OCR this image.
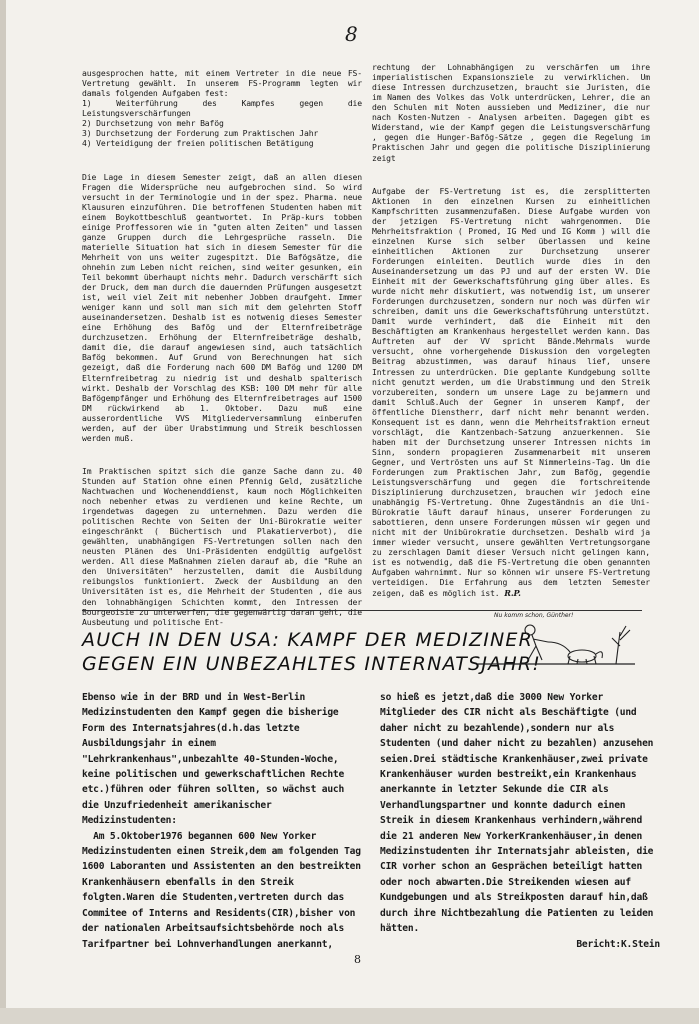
8

ausgesprochen hatte, mit einem Vertreter in die neue FS-Vertretung gewählt. In unserem FS-Programm legten wir damals folgenden Aufgaben fest:
1) Weiterführung des Kampfes gegen die Leistungsverschärfungen
2) Durchsetzung von mehr Bafög
3) Durchsetzung der Forderung zum Praktischen Jahr
4) Verteidigung der freien politischen Betätigung

Die Lage in diesem Semester zeigt, daß an allen diesen Fragen die Widersprüche neu aufgebrochen sind. So wird versucht in der Terminologie und in der spez. Pharma. neue Klausuren einzuführen. Die betroffenen Studenten haben mit einem Boykottbeschluß geantwortet. In Präp-kurs tobben einige Proffessoren wie in "guten alten Zeiten" und lassen ganze Gruppen durch die Lehrgesprüche rasseln. Die materielle Situation hat sich in diesem Semester für die Mehrheit von uns weiter zugespitzt. Die Bafögsätze, die ohnehin zum Leben nicht reichen, sind weiter gesunken, ein Teil bekommt überhaupt nichts mehr. Dadurch verschärft sich der Druck, dem man durch die dauernden Prüfungen ausgesetzt ist, weil viel Zeit mit nebenher Jobben draufgeht. Immer weniger kann und soll man sich mit dem gelehrten Stoff auseinandersetzen. Deshalb ist es notwenig dieses Semester eine Erhöhung des Bafög und der Elternfreibeträge durchzusetzen. Erhöhung der Elternfreibeträge deshalb, damit die, die darauf angewiesen sind, auch tatsächlich Bafög bekommen. Auf Grund von Berechnungen hat sich gezeigt, daß die Forderung nach 600 DM Bafög und 1200 DM Elternfreibetrag zu niedrig ist und deshalb spalterisch wirkt. Deshalb der Vorschlag des KSB: 100 DM mehr für alle Bafögempfänger und Erhöhung des Elternfreibetrages auf 1500 DM rückwirkend ab 1. Oktober. Dazu muß eine ausserordentliche VVS Mitgliederversammlung einberufen werden, auf der über Urabstimmung und Streik beschlossen werden muß.

Im Praktischen spitzt sich die ganze Sache dann zu. 40 Stunden auf Station ohne einen Pfennig Geld, zusätzliche Nachtwachen und Wochenenddienst, kaum noch Möglichkeiten noch nebenher etwas zu verdienen und keine Rechte, um irgendetwas dagegen zu unternehmen. Dazu werden die politischen Rechte von Seiten der Uni-Bürokratie weiter eingeschränkt ( Büchertisch und Plakatierverbot), die gewählten, unabhängigen FS-Vertretungen sollen nach den neusten Plänen des Uni-Präsidenten endgültig aufgelöst werden. All diese Maßnahmen zielen darauf ab, die "Ruhe an den Universitäten" herzustellen, damit die Ausbildung reibungslos funktioniert. Zweck der Ausbildung an den Universitäten ist es, die Mehrheit der Studenten , die aus den lohnabhängigen Schichten kommt, den Intressen der Bourgeoisie zu unterwerfen, die gegenwärtig daran geht, die Ausbeutung und politische Ent-

rechtung der Lohnabhängigen zu verschärfen um ihre imperialistischen Expansionsziele zu verwirklichen. Um diese Intressen durchzusetzen, braucht sie Juristen, die im Namen des Volkes das Volk unterdrücken, Lehrer, die an den Schulen mit Noten aussieben und Mediziner, die nur nach Kosten-Nutzen - Analysen arbeiten. Dagegen gibt es Widerstand, wie der Kampf gegen die Leistungsverschärfung , gegen die Hunger-Bafög-Sätze , gegen die Regelung im Praktischen Jahr und gegen die politische Disziplinierung zeigt

Aufgabe der FS-Vertretung ist es, die zersplitterten Aktionen in den einzelnen Kursen zu einheitlichen Kampfschritten zusammenzufaßen. Diese Aufgabe wurden von der jetzigen FS-Vertretung nicht wahrgenommen. Die Mehrheitsfraktion ( Promed, IG Med und IG Komm ) will die einzelnen Kurse sich selber überlassen und keine einheitlichen Aktionen zur Durchsetzung unserer Forderungen einleiten. Deutlich wurde dies in den Auseinandersetzung um das PJ und auf der ersten VV. Die Einheit mit der Gewerkschaftsführung ging über alles. Es wurde nicht mehr diskutiert, was notwendig ist, um unserer Forderungen durchzusetzen, sondern nur noch was dürfen wir schreiben, damit uns die Gewerkschaftsführung unterstützt. Damit wurde verhindert, daß die Einheit mit den Beschäftigten am Krankenhaus hergestellet werden kann. Das Auftreten auf der VV spricht Bände.Mehrmals wurde versucht, ohne vorhergehende Diskussion den vorgelegten Beitrag abzustimmen, was darauf hinaus lief, unsere Intressen zu unterdrücken. Die geplante Kundgebung sollte nicht genutzt werden, um die Urabstimmung und den Streik vorzubereiten, sondern um unsere Lage zu bejammern und damit Schluß.Auch der Gegner in unserem Kampf, der öffentliche Dienstherr, darf nicht mehr benannt werden. Konsequent ist es dann, wenn die Mehrheitsfraktion erneut vorschlägt, die Kantzenbach-Satzung anzuerkennen. Sie haben mit der Durchsetzung unserer Intressen nichts im Sinn, sondern propagieren Zusammenarbeit mit unserem Gegner, und Vertrösten uns auf St Nimmerleins-Tag. Um die Forderungen zum Praktischen Jahr, zum Bafög, gegendie Leistungsverschärfung und gegen die fortschreitende Disziplinierung durchzusetzen, brauchen wir jedoch eine unabhängig FS-Vertretung. Ohne Zugeständnis an die Uni-Bürokratie läuft darauf hinaus, unserer Forderungen zu sabottieren, denn unsere Forderungen müssen wir gegen und nicht mit der Unibürokratie durchsetzen. Deshalb wird ja immer wieder versucht, unsere gewählten Vertretungsorgane zu zerschlagen Damit dieser Versuch nicht gelingen kann, ist es notwendig, daß die FS-Vertretung die oben genannten Aufgaben wahrnimmt. Nur so können wir unsere FS-Vertretung verteidigen. Die Erfahrung aus dem letzten Semester zeigen, daß es möglich ist. R.P.

AUCH IN DEN USA: KAMPF DER MEDIZINER
GEGEN EIN UNBEZAHLTES INTERNATSJAHR!
Nu komm schon, Günther!
Ebenso wie in der BRD und in West-Berlin Medizinstudenten den Kampf gegen die bisherige Form des Internatsjahres(d.h.das letzte Ausbildungsjahr in einem "Lehrkrankenhaus",unbezahlte 40-Stunden-Woche, keine politischen und gewerkschaftlichen Rechte etc.)führen oder führen sollten, so wächst auch die Unzufriedenheit amerikanischer Medizinstudenten:
Am 5.Oktober1976 begannen 600 New Yorker Medizinstudenten einen Streik,dem am folgenden Tag 1600 Laboranten und Assistenten an den bestreikten Krankenhäusern ebenfalls in den Streik folgten.Waren die Studenten,vertreten durch das Commitee of Interns and Residents(CIR),bisher von der nationalen Arbeitsaufsichtsbehörde noch als Tarifpartner bei Lohnverhandlungen anerkannt,
so hieß es jetzt,daß die 3000 New Yorker Mitglieder des CIR nicht als Beschäftigte (und daher nicht zu bezahlende),sondern nur als Studenten (und daher nicht zu bezahlen) anzusehen seien.Drei städtische Krankenhäuser,zwei private Krankenhäuser wurden bestreikt,ein Krankenhaus anerkannte in letzter Sekunde die CIR als Verhandlungspartner und konnte dadurch einen Streik in diesem Krankenhaus verhindern,während die 21 anderen New YorkerKrankenhäuser,in denen Medizinstudenten ihr Internatsjahr ableisten, die CIR vorher schon an Gesprächen beteiligt hatten oder noch abwarten.Die Streikenden wiesen auf Kundgebungen und als Streikposten darauf hin,daß durch ihre Nichtbezahlung die Patienten zu leiden hätten.

Bericht:K.Stein
8
